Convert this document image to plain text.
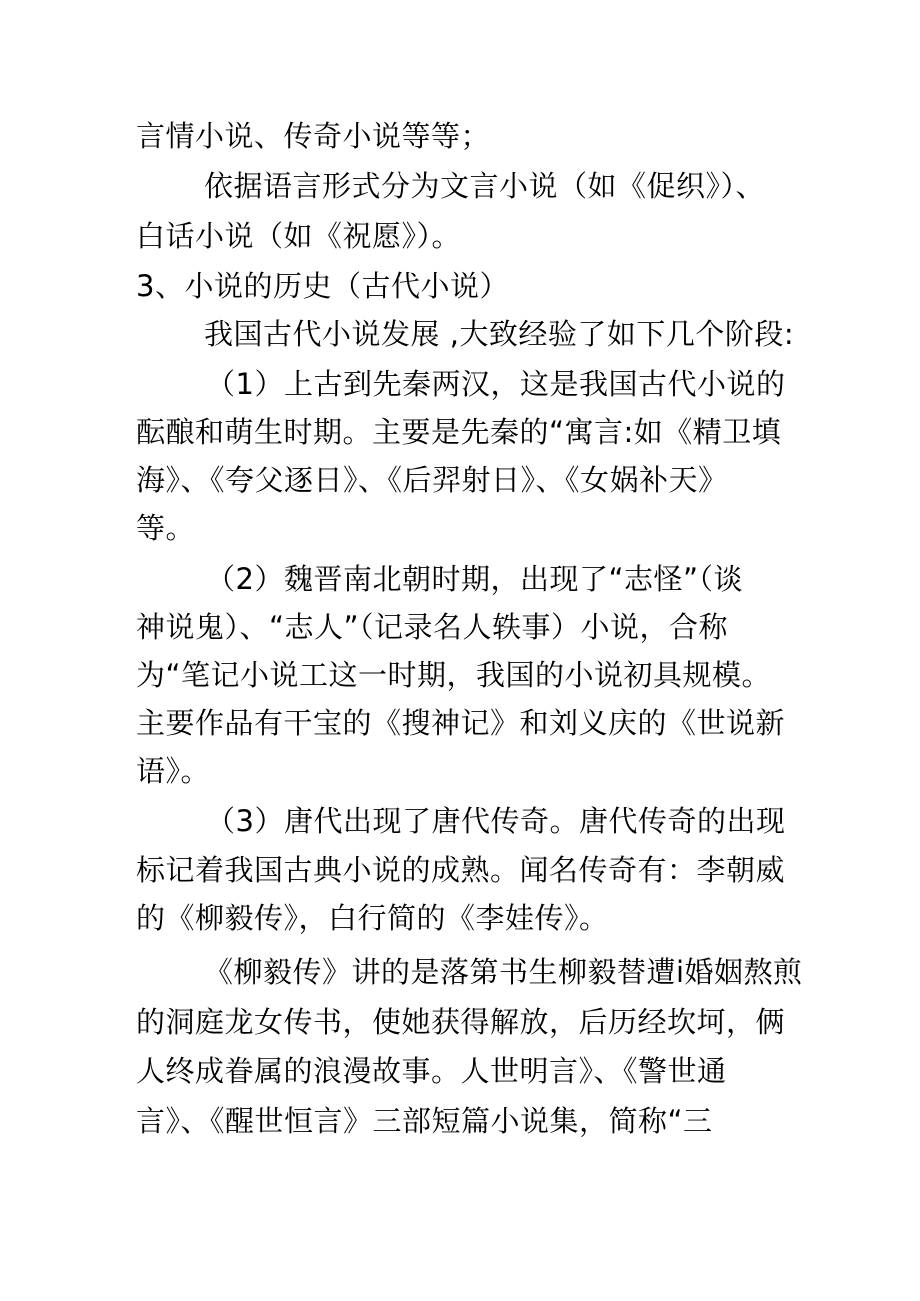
言情小说、传奇小说等等；
依据语言形式分为文言小说（如《促织》）、
白话小说（如《祝愿》）。
3、小说的历史（古代小说）
我国古代小说发展 ,大致经验了如下几个阶段:
（1）上古到先秦两汉，这是我国古代小说的
酝酿和萌生时期。主要是先秦的“寓言:如《精卫填
海》、《夸父逐日》、《后羿射日》、《女娲补天》
等。
（2）魏晋南北朝时期，出现了“志怪”（谈
神说鬼）、“志人”（记录名人轶事）小说，合称
为“笔记小说工这一时期，我国的小说初具规模。
主要作品有干宝的《搜神记》和刘义庆的《世说新
语》。
（3）唐代出现了唐代传奇。唐代传奇的出现
标记着我国古典小说的成熟。闻名传奇有：李朝威
的《柳毅传》，白行简的《李娃传》。
《柳毅传》讲的是落第书生柳毅替遭i婚姻熬煎
的洞庭龙女传书，使她获得解放，后历经坎坷，俩
人终成眷属的浪漫故事。人世明言》、《警世通
言》、《醒世恒言》三部短篇小说集，简称“三
